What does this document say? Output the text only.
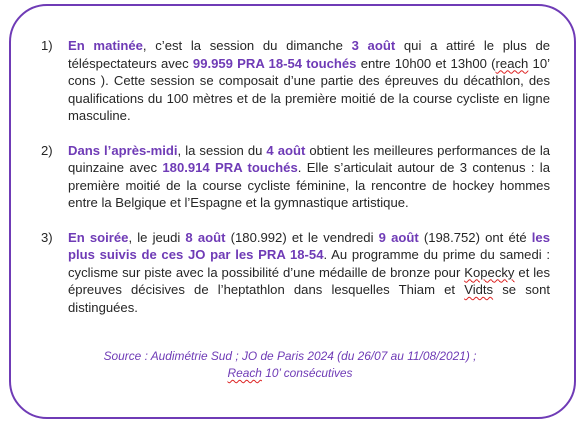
1) En matinée, c’est la session du dimanche 3 août qui a attiré le plus de téléspectateurs avec 99.959 PRA 18-54 touchés entre 10h00 et 13h00 (reach 10’ cons ). Cette session se composait d’une partie des épreuves du décathlon, des qualifications du 100 mètres et de la première moitié de la course cycliste en ligne masculine.
2) Dans l’après-midi, la session du 4 août obtient les meilleures performances de la quinzaine avec 180.914 PRA touchés. Elle s’articulait autour de 3 contenus : la première moitié de la course cycliste féminine, la rencontre de hockey hommes entre la Belgique et l’Espagne et la gymnastique artistique.
3) En soirée, le jeudi 8 août (180.992) et le vendredi 9 août (198.752) ont été les plus suivis de ces JO par les PRA 18-54. Au programme du prime du samedi : cyclisme sur piste avec la possibilité d’une médaille de bronze pour Kopecky et les épreuves décisives de l’heptathlon dans lesquelles Thiam et Vidts se sont distinguées.
Source : Audimétrie Sud ; JO de Paris 2024 (du 26/07 au 11/08/2021) ;
Reach 10’ consécutives
